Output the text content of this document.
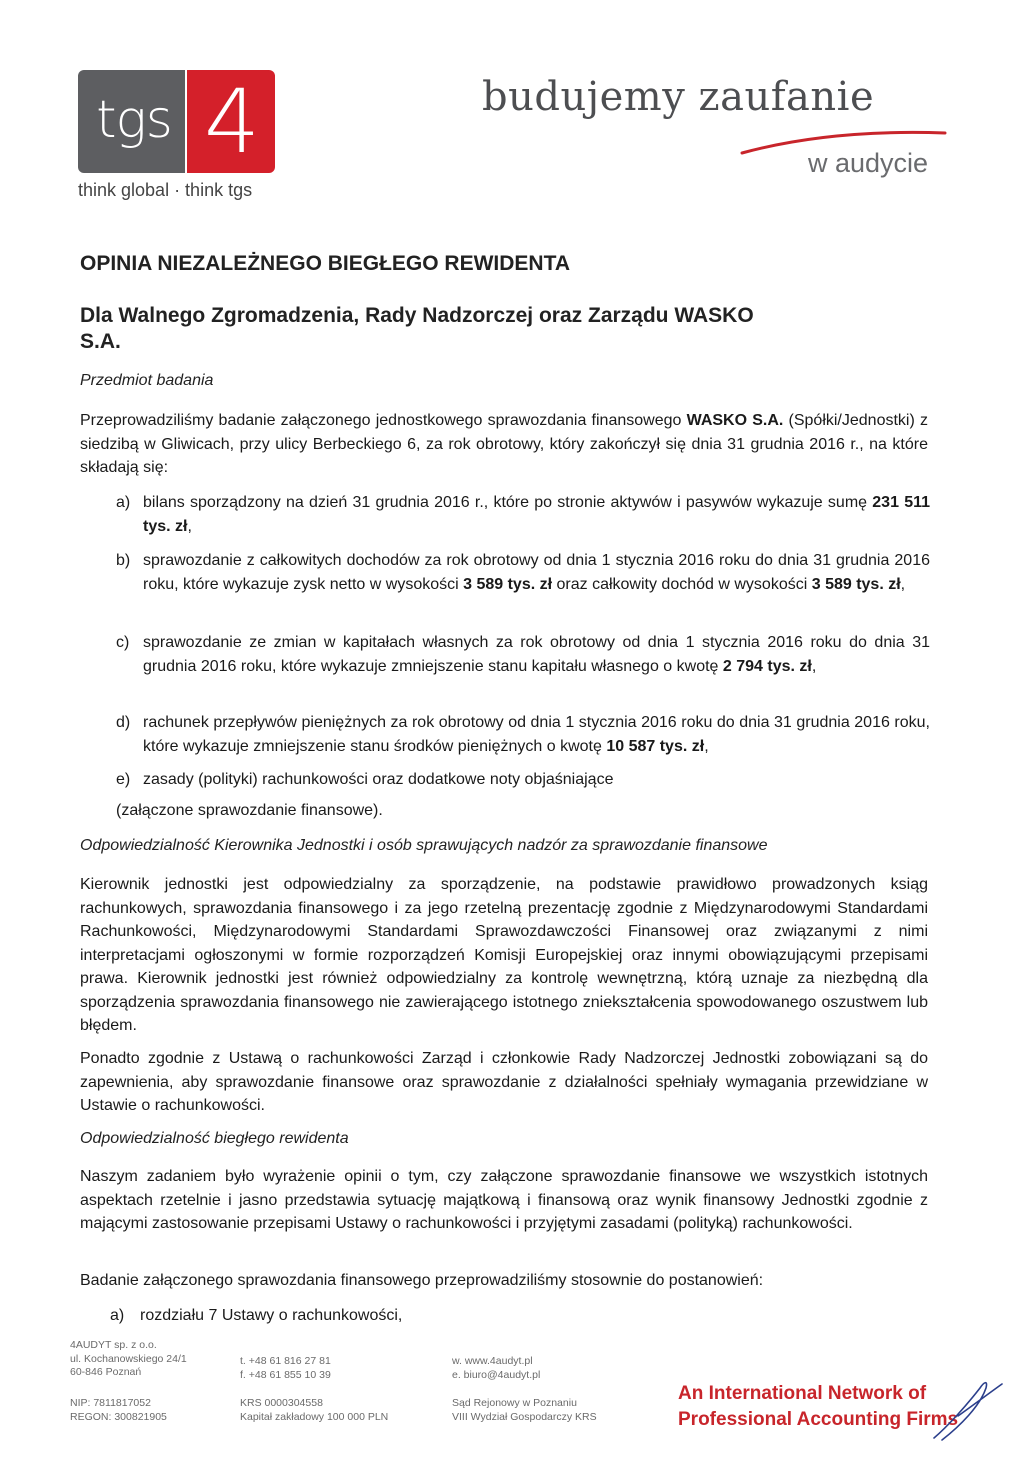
tgs 4
think global · think tgs
budujemy zaufanie
w audycie
OPINIA NIEZALEŻNEGO BIEGŁEGO REWIDENTA
Dla Walnego Zgromadzenia, Rady Nadzorczej oraz Zarządu WASKO S.A.
Przedmiot badania
Przeprowadziliśmy badanie załączonego jednostkowego sprawozdania finansowego WASKO S.A. (Spółki/Jednostki) z siedzibą w Gliwicach, przy ulicy Berbeckiego 6, za rok obrotowy, który zakończył się dnia 31 grudnia 2016 r., na które składają się:
a) bilans sporządzony na dzień 31 grudnia 2016 r., które po stronie aktywów i pasywów wykazuje sumę 231 511 tys. zł,
b) sprawozdanie z całkowitych dochodów za rok obrotowy od dnia 1 stycznia 2016 roku do dnia 31 grudnia 2016 roku, które wykazuje zysk netto w wysokości 3 589 tys. zł oraz całkowity dochód w wysokości 3 589 tys. zł,
c) sprawozdanie ze zmian w kapitałach własnych za rok obrotowy od dnia 1 stycznia 2016 roku do dnia 31 grudnia 2016 roku, które wykazuje zmniejszenie stanu kapitału własnego o kwotę 2 794 tys. zł,
d) rachunek przepływów pieniężnych za rok obrotowy od dnia 1 stycznia 2016 roku do dnia 31 grudnia 2016 roku, które wykazuje zmniejszenie stanu środków pieniężnych o kwotę 10 587 tys. zł,
e) zasady (polityki) rachunkowości oraz dodatkowe noty objaśniające
(załączone sprawozdanie finansowe).
Odpowiedzialność Kierownika Jednostki i osób sprawujących nadzór za sprawozdanie finansowe
Kierownik jednostki jest odpowiedzialny za sporządzenie, na podstawie prawidłowo prowadzonych ksiąg rachunkowych, sprawozdania finansowego i za jego rzetelną prezentację zgodnie z Międzynarodowymi Standardami Rachunkowości, Międzynarodowymi Standardami Sprawozdawczości Finansowej oraz związanymi z nimi interpretacjami ogłoszonymi w formie rozporządzeń Komisji Europejskiej oraz innymi obowiązującymi przepisami prawa. Kierownik jednostki jest również odpowiedzialny za kontrolę wewnętrzną, którą uznaje za niezbędną dla sporządzenia sprawozdania finansowego nie zawierającego istotnego zniekształcenia spowodowanego oszustwem lub błędem.
Ponadto zgodnie z Ustawą o rachunkowości Zarząd i członkowie Rady Nadzorczej Jednostki zobowiązani są do zapewnienia, aby sprawozdanie finansowe oraz sprawozdanie z działalności spełniały wymagania przewidziane w Ustawie o rachunkowości.
Odpowiedzialność biegłego rewidenta
Naszym zadaniem było wyrażenie opinii o tym, czy załączone sprawozdanie finansowe we wszystkich istotnych aspektach rzetelnie i jasno przedstawia sytuację majątkową i finansową oraz wynik finansowy Jednostki zgodnie z mającymi zastosowanie przepisami Ustawy o rachunkowości i przyjętymi zasadami (polityką) rachunkowości.
Badanie załączonego sprawozdania finansowego przeprowadziliśmy stosownie do postanowień:
a) rozdziału 7 Ustawy o rachunkowości,
4AUDYT sp. z o.o.
ul. Kochanowskiego 24/1
60-846 Poznań
NIP: 7811817052
REGON: 300821905
t. +48 61 816 27 81
f. +48 61 855 10 39
KRS 0000304558
Kapitał zakładowy 100 000 PLN
w. www.4audyt.pl
e. biuro@4audyt.pl
Sąd Rejonowy w Poznaniu
VIII Wydział Gospodarczy KRS
An International Network of
Professional Accounting Firms
